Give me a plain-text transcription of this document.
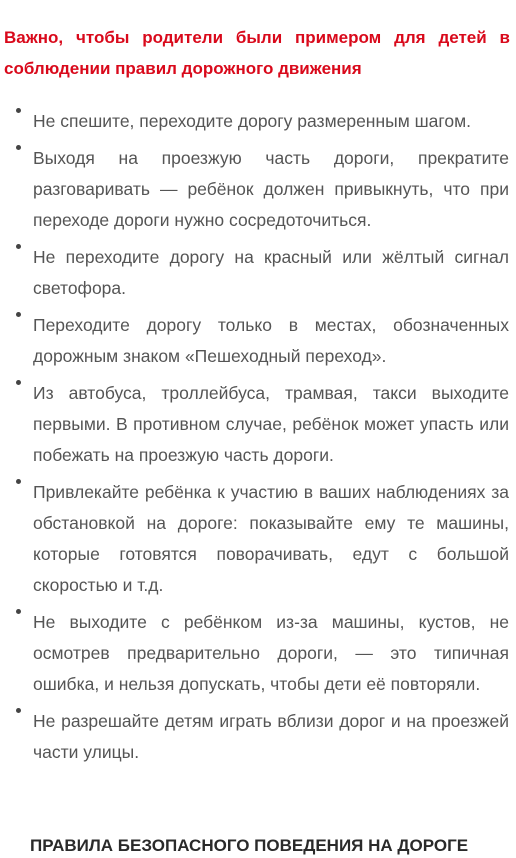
Важно, чтобы родители были примером для детей в соблюдении правил дорожного движения
Не спешите, переходите дорогу размеренным шагом.
Выходя на проезжую часть дороги, прекратите разговаривать — ребёнок должен привыкнуть, что при переходе дороги нужно сосредоточиться.
Не переходите дорогу на красный или жёлтый сигнал светофора.
Переходите дорогу только в местах, обозначенных дорожным знаком «Пешеходный переход».
Из автобуса, троллейбуса, трамвая, такси выходите первыми. В противном случае, ребёнок может упасть или побежать на проезжую часть дороги.
Привлекайте ребёнка к участию в ваших наблюдениях за обстановкой на дороге: показывайте ему те машины, которые готовятся поворачивать, едут с большой скоростью и т.д.
Не выходите с ребёнком из-за машины, кустов, не осмотрев предварительно дороги, — это типичная ошибка, и нельзя допускать, чтобы дети её повторяли.
Не разрешайте детям играть вблизи дорог и на проезжей части улицы.
ПРАВИЛА БЕЗОПАСНОГО ПОВЕДЕНИЯ НА ДОРОГЕ
